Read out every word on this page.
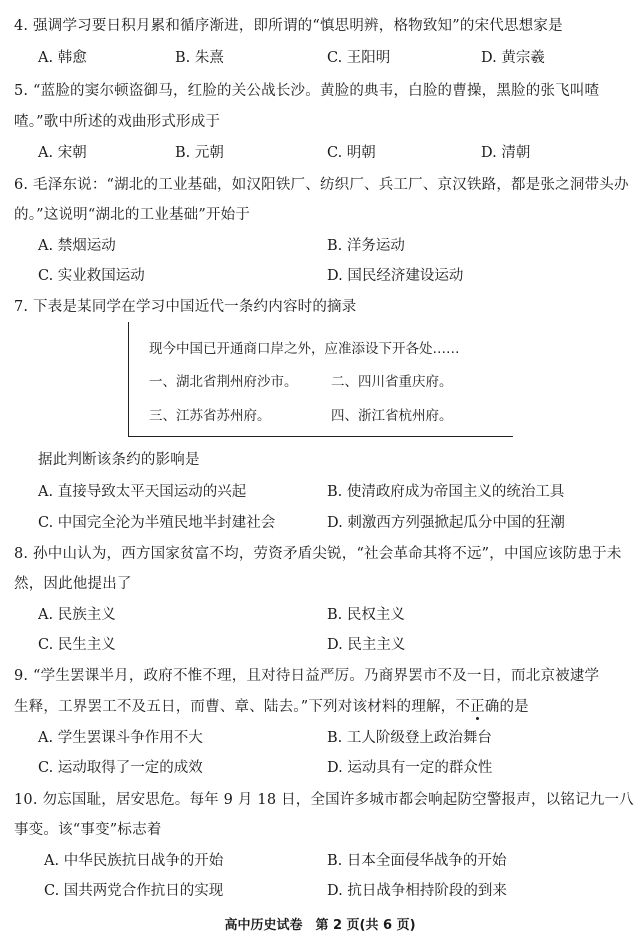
4. 强调学习要日积月累和循序渐进，即所谓的“慎思明辨，格物致知”的宋代思想家是
A. 韩愈	B. 朱熹	C. 王阳明	D. 黄宗羲
5. “蓝脸的窦尔顿盗御马，红脸的关公战长沙。黄脸的典韦，白脸的曹操，黑脸的张飞叫喳
喳。”歌中所述的戏曲形式形成于
A. 宋朝	B. 元朝	C. 明朝	D. 清朝
6. 毛泽东说：“湖北的工业基础，如汉阳铁厂、纺织厂、兵工厂、京汉铁路，都是张之洞带头办
的。”这说明“湖北的工业基础”开始于
A. 禁烟运动	B. 洋务运动
C. 实业救国运动	D. 国民经济建设运动
7. 下表是某同学在学习中国近代一条约内容时的摘录
现今中国已开通商口岸之外，应准添设下开各处……
一、湖北省荆州府沙市。 二、四川省重庆府。
三、江苏省苏州府。	四、浙江省杭州府。
据此判断该条约的影响是
A. 直接导致太平天国运动的兴起	B. 使清政府成为帝国主义的统治工具
C. 中国完全沦为半殖民地半封建社会	D. 刺激西方列强掀起瓜分中国的狂潮
8. 孙中山认为，西方国家贫富不均，劳资矛盾尖锐，“社会革命其将不远”，中国应该防患于未
然，因此他提出了
A. 民族主义	B. 民权主义
C. 民生主义	D. 民主主义
9. “学生罢课半月，政府不惟不理，且对待日益严厉。乃商界罢市不及一日，而北京被逮学
生释，工界罢工不及五日，而曹、章、陆去。”下列对该材料的理解，不正确的是
A. 学生罢课斗争作用不大	B. 工人阶级登上政治舞台
C. 运动取得了一定的成效	D. 运动具有一定的群众性
10. 勿忘国耻，居安思危。每年 9 月 18 日，全国许多城市都会响起防空警报声，以铭记九一八
事变。该“事变”标志着
A. 中华民族抗日战争的开始	B. 日本全面侵华战争的开始
C. 国共两党合作抗日的实现	D. 抗日战争相持阶段的到来
高中历史试卷　第 2 页(共 6 页)
